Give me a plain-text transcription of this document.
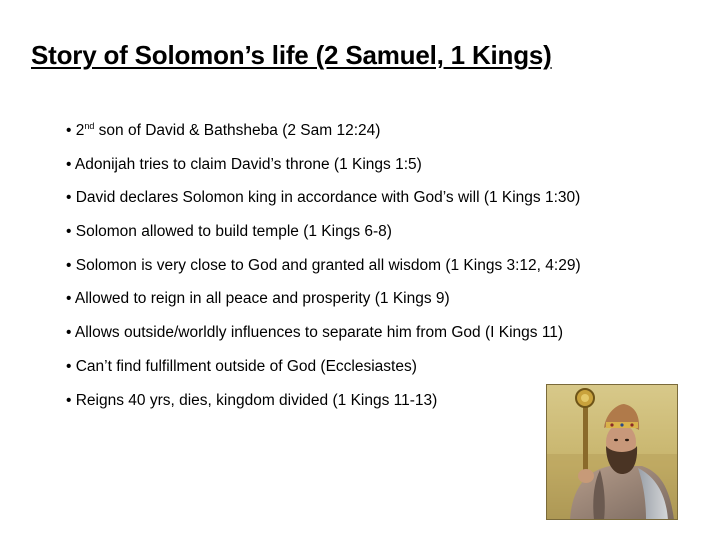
Story of Solomon’s life (2 Samuel, 1 Kings)
• 2nd son of David & Bathsheba (2 Sam 12:24)
• Adonijah tries to claim David’s throne (1 Kings 1:5)
• David declares Solomon king in accordance with God’s will (1 Kings 1:30)
• Solomon allowed to build temple (1 Kings 6-8)
• Solomon is very close to God and granted all wisdom (1 Kings 3:12, 4:29)
• Allowed to reign in all peace and prosperity (1 Kings 9)
• Allows outside/worldly influences to separate him from God (I Kings 11)
• Can’t find fulfillment outside of God (Ecclesiastes)
• Reigns 40 yrs, dies, kingdom divided (1 Kings 11-13)
